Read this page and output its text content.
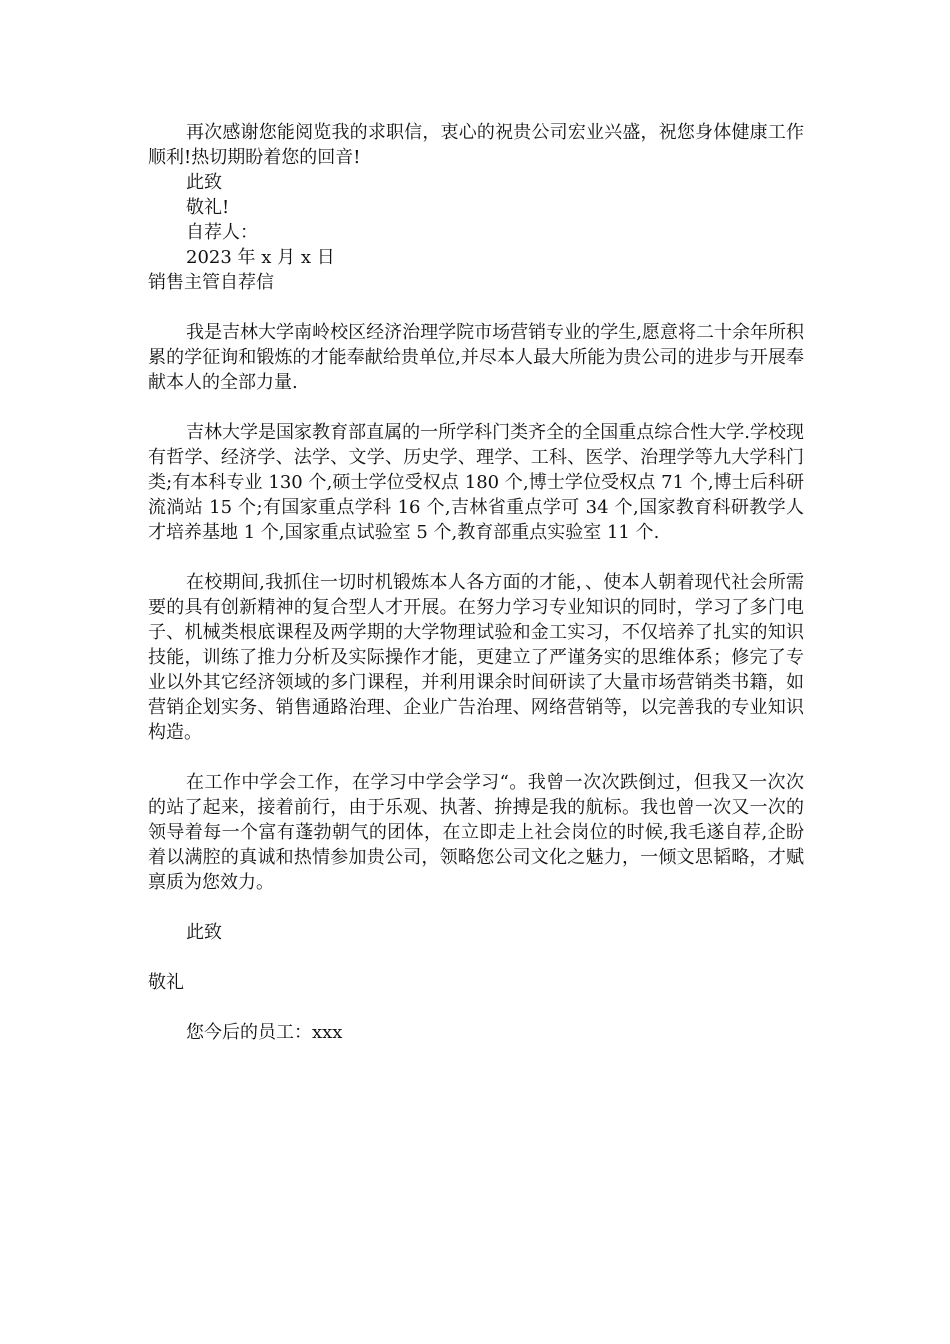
再次感谢您能阅览我的求职信，衷心的祝贵公司宏业兴盛，祝您身体健康工作顺利!热切期盼着您的回音!

此致

敬礼!

自荐人：

2023 年 x 月 x 日

销售主管自荐信

我是吉林大学南岭校区经济治理学院市场营销专业的学生,愿意将二十余年所积累的学征询和锻炼的才能奉献给贵单位,并尽本人最大所能为贵公司的进步与开展奉献本人的全部力量.

吉林大学是国家教育部直属的一所学科门类齐全的全国重点综合性大学.学校现有哲学、经济学、法学、文学、历史学、理学、工科、医学、治理学等九大学科门类;有本科专业 130 个,硕士学位受权点 180 个,博士学位受权点 71 个,博士后科研流淌站 15 个;有国家重点学科 16 个,吉林省重点学可 34 个,国家教育科研教学人才培养基地 1 个,国家重点试验室 5 个,教育部重点实验室 11 个.

在校期间,我抓住一切时机锻炼本人各方面的才能，、使本人朝着现代社会所需要的具有创新精神的复合型人才开展。在努力学习专业知识的同时，学习了多门电子、机械类根底课程及两学期的大学物理试验和金工实习，不仅培养了扎实的知识技能，训练了推力分析及实际操作才能，更建立了严谨务实的思维体系；修完了专业以外其它经济领域的多门课程，并利用课余时间研读了大量市场营销类书籍，如营销企划实务、销售通路治理、企业广告治理、网络营销等，以完善我的专业知识构造。

在工作中学会工作，在学习中学会学习“。我曾一次次跌倒过，但我又一次次的站了起来，接着前行，由于乐观、执著、拚搏是我的航标。我也曾一次又一次的领导着每一个富有蓬勃朝气的团体，在立即走上社会岗位的时候,我毛遂自荐,企盼着以满腔的真诚和热情参加贵公司，领略您公司文化之魅力，一倾文思韬略，才赋禀质为您效力。

此致

敬礼

您今后的员工：xxx
